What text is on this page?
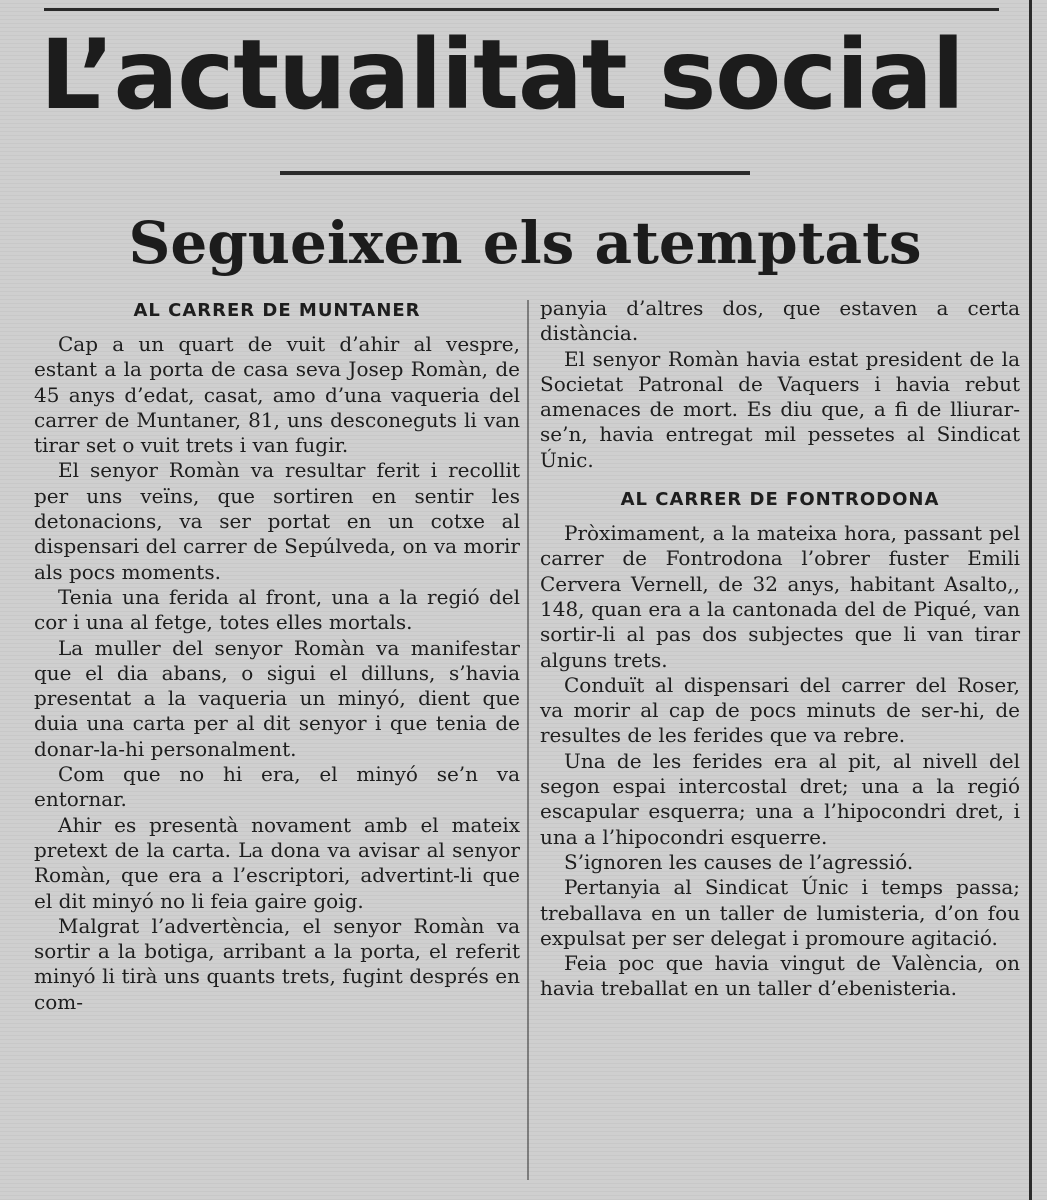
L’actualitat social
Segueixen els atemptats
AL CARRER DE MUNTANER

Cap a un quart de vuit d’ahir al vespre, estant a la porta de casa seva Josep Romàn, de 45 anys d’edat, casat, amo d’una vaqueria del carrer de Muntaner, 81, uns desconeguts li van tirar set o vuit trets i van fugir.

El senyor Romàn va resultar ferit i recollit per uns veïns, que sortiren en sentir les detonacions, va ser portat en un cotxe al dispensari del carrer de Sepúlveda, on va morir als pocs moments.

Tenia una ferida al front, una a la regió del cor i una al fetge, totes elles mortals.

La muller del senyor Romàn va manifestar que el dia abans, o sigui el dilluns, s’havia presentat a la vaqueria un minyó, dient que duia una carta per al dit senyor i que tenia de donar-la-hi personalment.

Com que no hi era, el minyó se’n va entornar.

Ahir es presentà novament amb el mateix pretext de la carta. La dona va avisar al senyor Romàn, que era a l’escriptori, advertint-li que el dit minyó no li feia gaire goig.

Malgrat l’advertència, el senyor Romàn va sortir a la botiga, arribant a la porta, el referit minyó li tirà uns quants trets, fugint després en com-

panyia d’altres dos, que estaven a certa distància.

El senyor Romàn havia estat president de la Societat Patronal de Vaquers i havia rebut amenaces de mort. Es diu que, a fi de lliurar-se’n, havia entregat mil pessetes al Sindicat Únic.

AL CARRER DE FONTRODONA

Pròximament, a la mateixa hora, passant pel carrer de Fontrodona l’obrer fuster Emili Cervera Vernell, de 32 anys, habitant Asalto,, 148, quan era a la cantonada del de Piqué, van sortir-li al pas dos subjectes que li van tirar alguns trets.

Conduït al dispensari del carrer del Roser, va morir al cap de pocs minuts de ser-hi, de resultes de les ferides que va rebre.

Una de les ferides era al pit, al nivell del segon espai intercostal dret; una a la regió escapular esquerra; una a l’hipocondri dret, i una a l’hipocondri esquerre.

S’ignoren les causes de l’agressió.

Pertanyia al Sindicat Únic i temps passa; treballava en un taller de lumisteria, d’on fou expulsat per ser delegat i promoure agitació.

Feia poc que havia vingut de València, on havia treballat en un taller d’ebenisteria.
